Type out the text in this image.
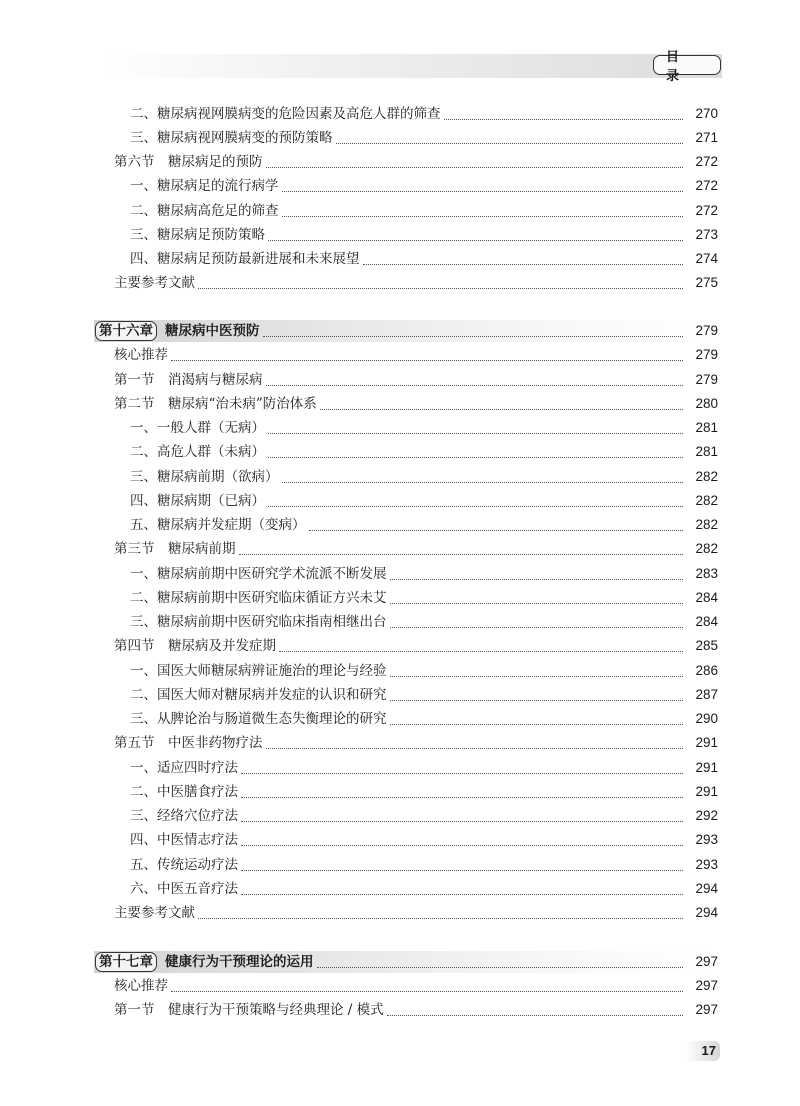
目 录
二、糖尿病视网膜病变的危险因素及高危人群的筛查	270
三、糖尿病视网膜病变的预防策略	271
第六节　糖尿病足的预防	272
一、糖尿病足的流行病学	272
二、糖尿病高危足的筛查	272
三、糖尿病足预防策略	273
四、糖尿病足预防最新进展和未来展望	274
主要参考文献	275
第十六章 糖尿病中医预防	279
核心推荐	279
第一节　消渴病与糖尿病	279
第二节　糖尿病“治未病”防治体系	280
一、一般人群（无病）	281
二、高危人群（未病）	281
三、糖尿病前期（欲病）	282
四、糖尿病期（已病）	282
五、糖尿病并发症期（变病）	282
第三节　糖尿病前期	282
一、糖尿病前期中医研究学术流派不断发展	283
二、糖尿病前期中医研究临床循证方兴未艾	284
三、糖尿病前期中医研究临床指南相继出台	284
第四节　糖尿病及并发症期	285
一、国医大师糖尿病辨证施治的理论与经验	286
二、国医大师对糖尿病并发症的认识和研究	287
三、从脾论治与肠道微生态失衡理论的研究	290
第五节　中医非药物疗法	291
一、适应四时疗法	291
二、中医膳食疗法	291
三、经络穴位疗法	292
四、中医情志疗法	293
五、传统运动疗法	293
六、中医五音疗法	294
主要参考文献	294
第十七章 健康行为干预理论的运用	297
核心推荐	297
第一节　健康行为干预策略与经典理论 / 模式	297
17
